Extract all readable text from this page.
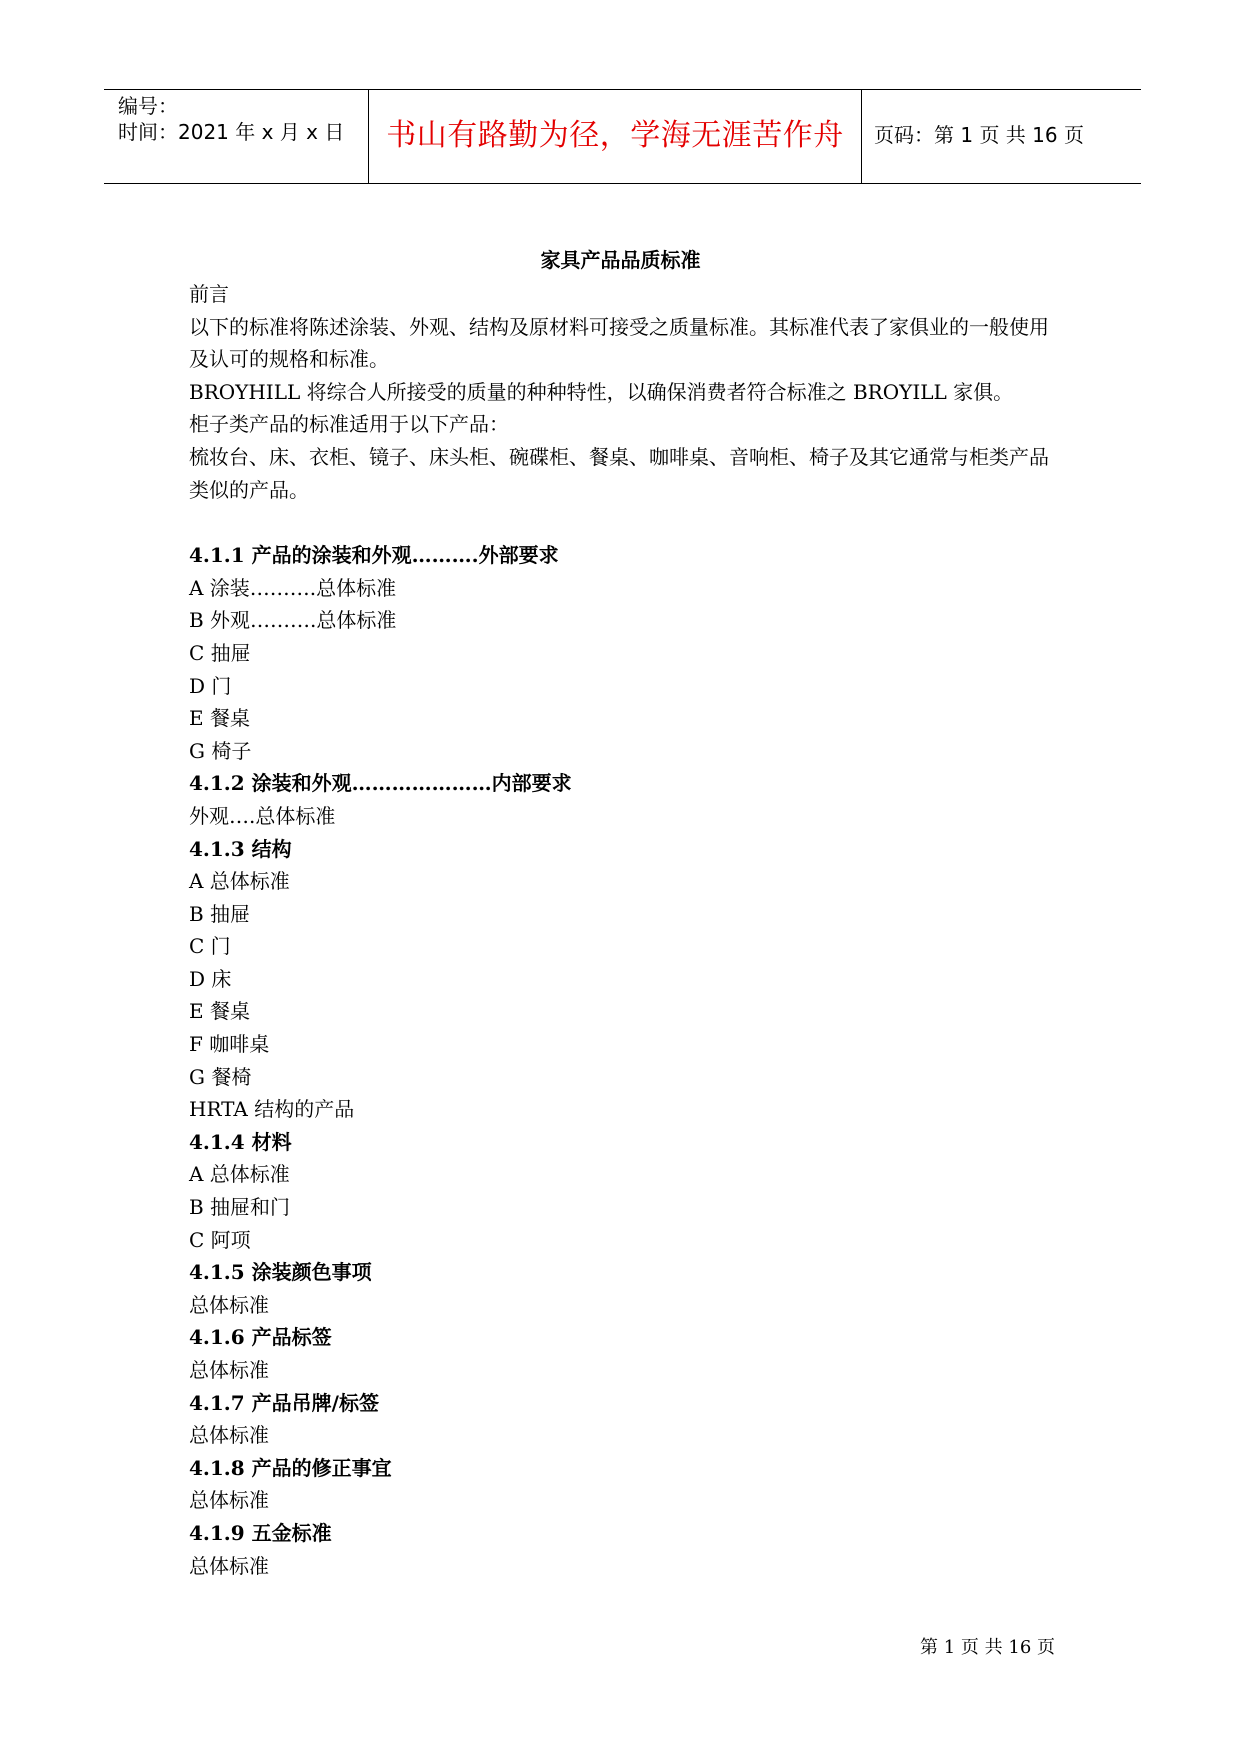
编号：
时间：2021 年 x 月 x 日	书山有路勤为径，学海无涯苦作舟	页码：第 1 页 共 16 页
家具产品品质标准
前言
以下的标准将陈述涂装、外观、结构及原材料可接受之质量标准。其标准代表了家俱业的一般使用及认可的规格和标准。
BROYHILL 将综合人所接受的质量的种种特性，以确保消费者符合标准之 BROYILL 家俱。
柜子类产品的标准适用于以下产品：
梳妆台、床、衣柜、镜子、床头柜、碗碟柜、餐桌、咖啡桌、音响柜、椅子及其它通常与柜类产品类似的产品。
4.1.1 产品的涂装和外观……….外部要求
A 涂装……….总体标准
B 外观……….总体标准
C 抽屉
D 门
E 餐桌
G 椅子
4.1.2 涂装和外观…………………内部要求
外观….总体标准
4.1.3 结构
A 总体标准
B 抽屉
C 门
D 床
E 餐桌
F 咖啡桌
G 餐椅
HRTA 结构的产品
4.1.4 材料
A 总体标准
B 抽屉和门
C 阿项
4.1.5 涂装颜色事项
总体标准
4.1.6 产品标签
总体标准
4.1.7 产品吊牌/标签
总体标准
4.1.8 产品的修正事宜
总体标准
4.1.9 五金标准
总体标准
第 1 页 共 16 页
